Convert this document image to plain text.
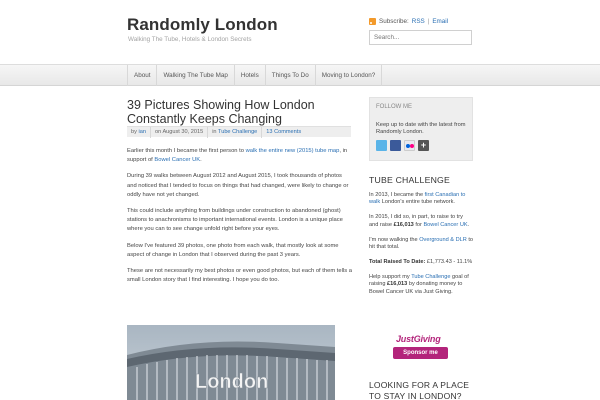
Randomly London
Walking The Tube, Hotels & London Secrets
Subscribe: RSS | Email
Search...
About	Walking The Tube Map	Hotels	Things To Do	Moving to London?
39 Pictures Showing How London Constantly Keeps Changing
by ian on August 30, 2015 in Tube Challenge 13 Comments

Earlier this month I became the first person to walk the entire new (2015) tube map, in support of Bowel Cancer UK.

During 39 walks between August 2012 and August 2015, I took thousands of photos and noticed that I tended to focus on things that had changed, were likely to change or oddly have not yet changed.

This could include anything from buildings under construction to abandoned (ghost) stations to anachronisms to important international events. London is a unique place where you can to see change unfold right before your eyes.

Below I've featured 39 photos, one photo from each walk, that mostly look at some aspect of change in London that I observed during the past 3 years.

These are not necessarily my best photos or even good photos, but each of them tells a small London story that I find interesting. I hope you do too.

London
FOLLOW ME
Keep up to date with the latest from Randomly London.
+
TUBE CHALLENGE

In 2013, I became the first Canadian to walk London's entire tube network.

In 2015, I did so, in part, to raise to try and raise £16,013 for Bowel Cancer UK.

I'm now walking the Overground & DLR to hit that total.

Total Raised To Date: £1,773.43 - 11.1%

Help support my Tube Challenge goal of raising £16,013 by donating money to Bowel Cancer UK via Just Giving.

JustGiving
Sponsor me
LOOKING FOR A PLACE TO STAY IN LONDON?
